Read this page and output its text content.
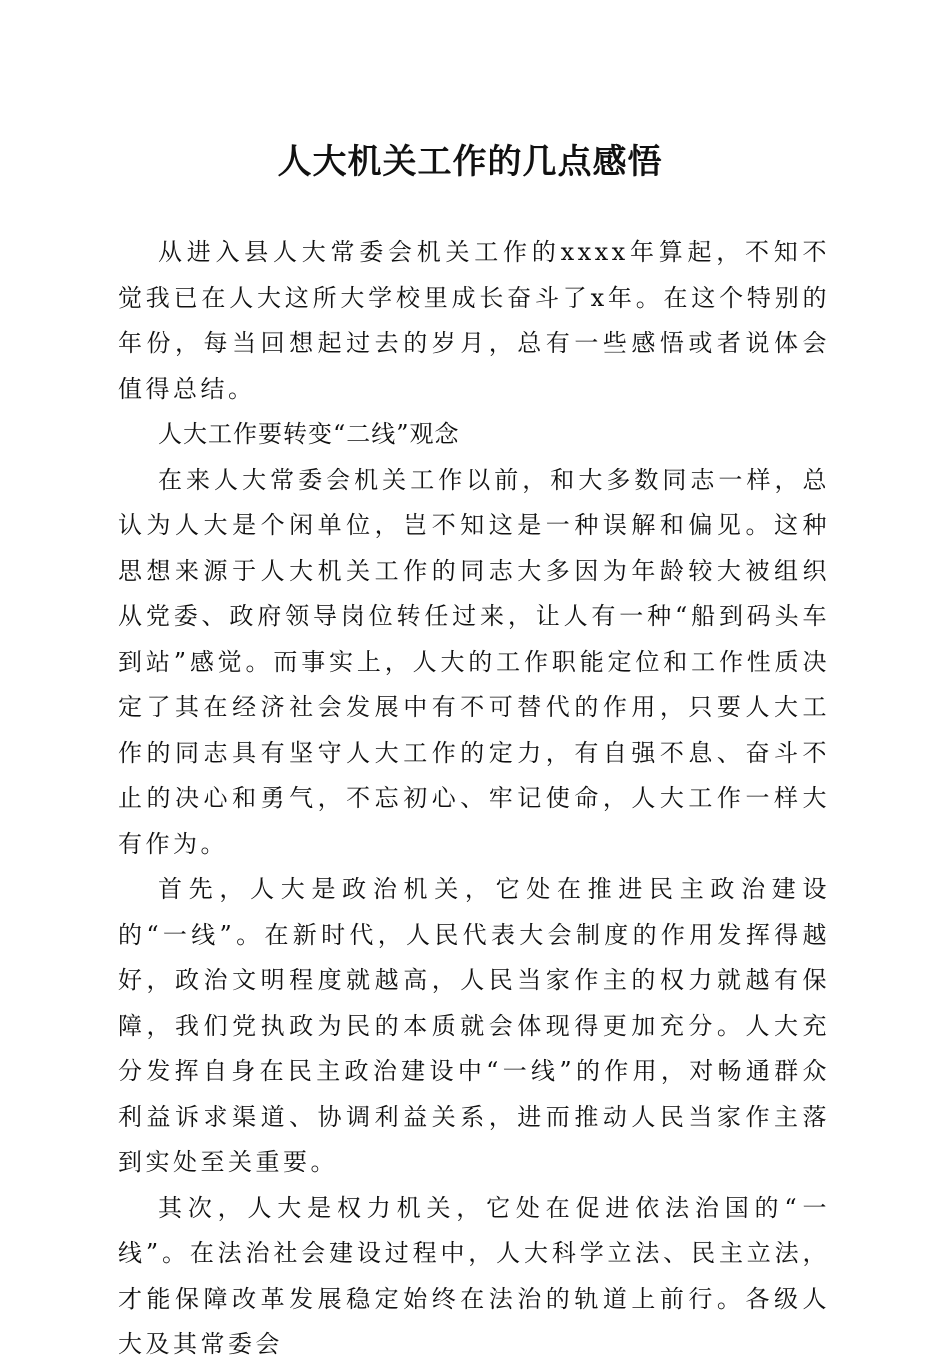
人大机关工作的几点感悟

从进入县人大常委会机关工作的xxxx年算起，不知不觉我已在人大这所大学校里成长奋斗了x年。在这个特别的年份，每当回想起过去的岁月，总有一些感悟或者说体会值得总结。

人大工作要转变“二线”观念

在来人大常委会机关工作以前，和大多数同志一样，总认为人大是个闲单位，岂不知这是一种误解和偏见。这种思想来源于人大机关工作的同志大多因为年龄较大被组织从党委、政府领导岗位转任过来，让人有一种“船到码头车到站”感觉。而事实上，人大的工作职能定位和工作性质决定了其在经济社会发展中有不可替代的作用，只要人大工作的同志具有坚守人大工作的定力，有自强不息、奋斗不止的决心和勇气，不忘初心、牢记使命，人大工作一样大有作为。

首先，人大是政治机关，它处在推进民主政治建设的“一线”。在新时代，人民代表大会制度的作用发挥得越好，政治文明程度就越高，人民当家作主的权力就越有保障，我们党执政为民的本质就会体现得更加充分。人大充分发挥自身在民主政治建设中“一线”的作用，对畅通群众利益诉求渠道、协调利益关系，进而推动人民当家作主落到实处至关重要。

其次，人大是权力机关，它处在促进依法治国的“一线”。在法治社会建设过程中，人大科学立法、民主立法，才能保障改革发展稳定始终在法治的轨道上前行。各级人大及其常委会
